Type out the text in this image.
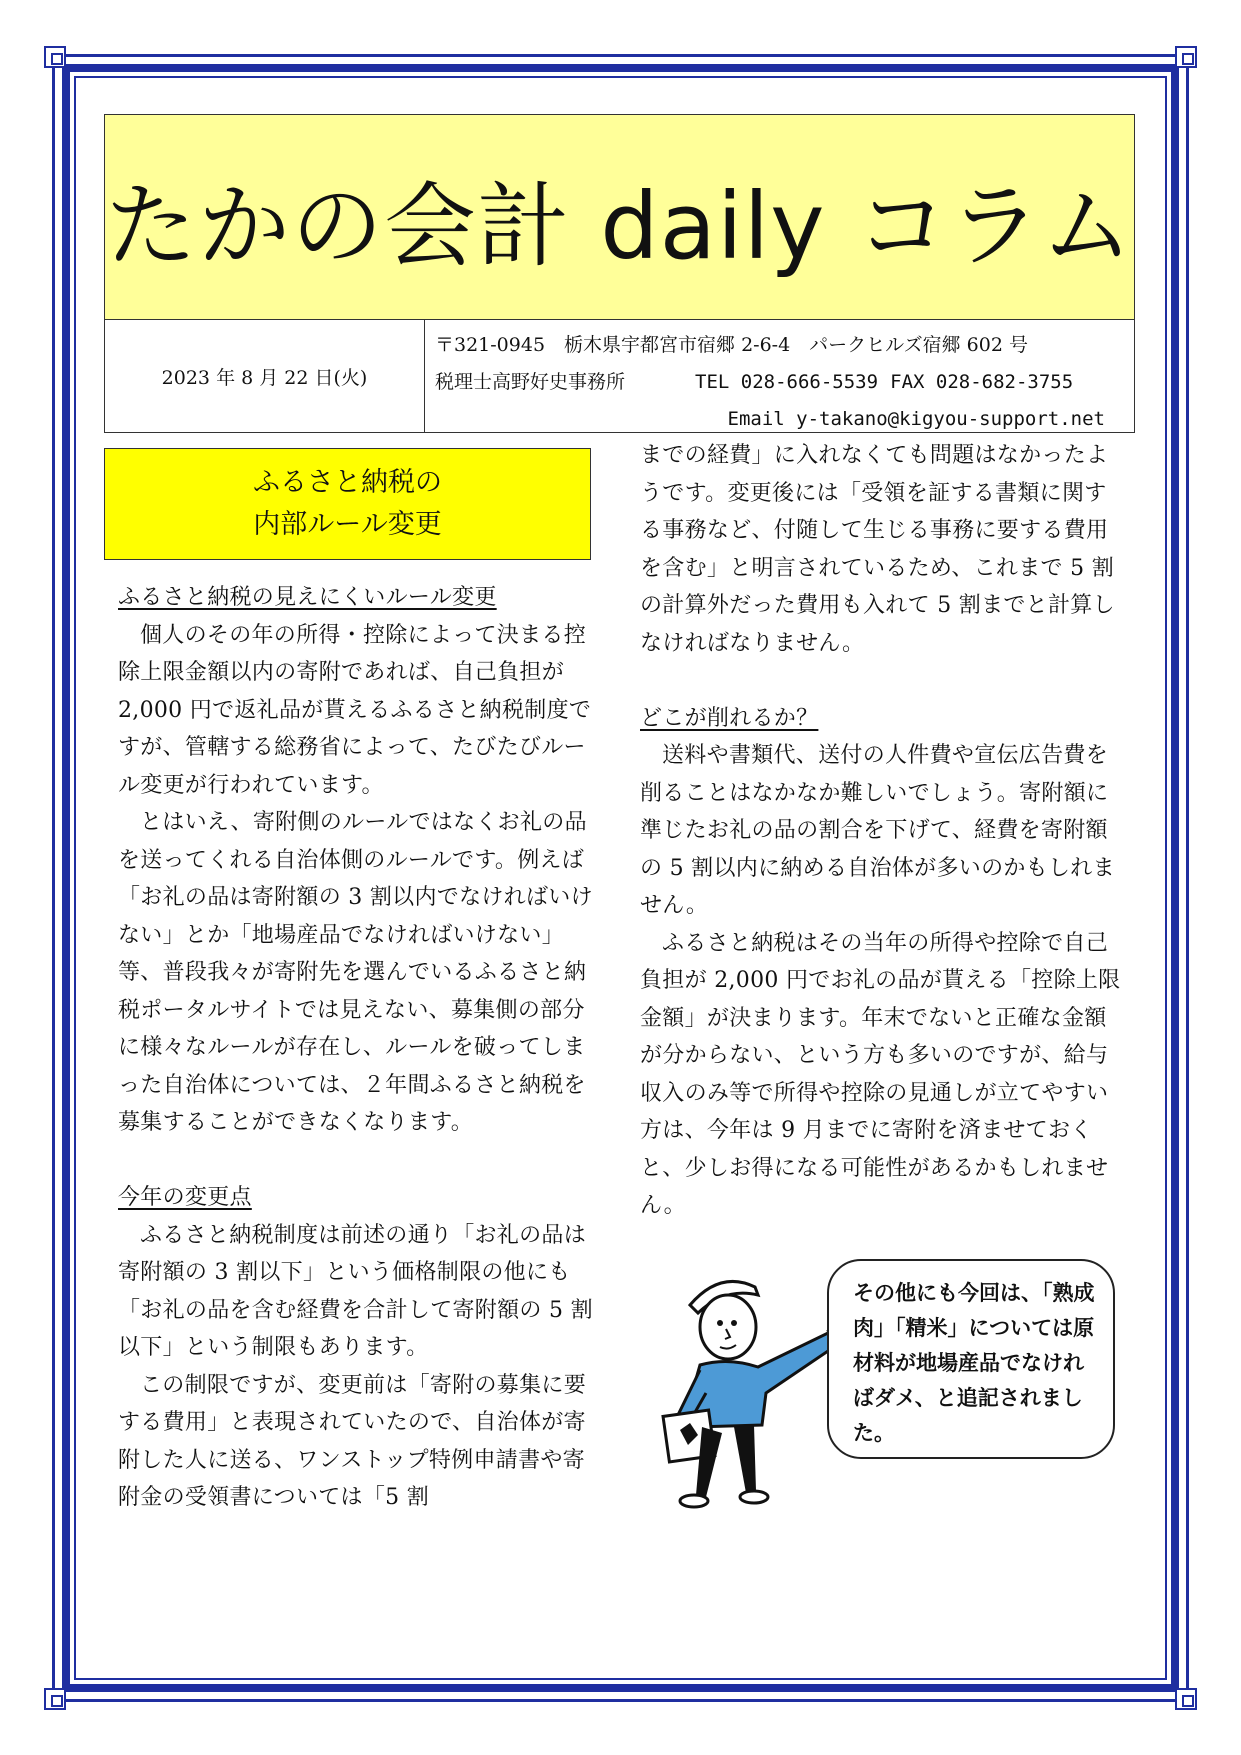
たかの会計 daily コラム
2023 年 8 月 22 日(火)
〒321-0945　栃木県宇都宮市宿郷 2-6-4　パークヒルズ宿郷 602 号
税理士高野好史事務所	TEL 028-666-5539 FAX 028-682-3755
Email y-takano@kigyou-support.net
ふるさと納税の
内部ルール変更
ふるさと納税の見えにくいルール変更

個人のその年の所得・控除によって決まる控除上限金額以内の寄附であれば、自己負担が 2,000 円で返礼品が貰えるふるさと納税制度ですが、管轄する総務省によって、たびたびルール変更が行われています。

とはいえ、寄附側のルールではなくお礼の品を送ってくれる自治体側のルールです。例えば「お礼の品は寄附額の 3 割以内でなければいけない」とか「地場産品でなければいけない」等、普段我々が寄附先を選んでいるふるさと納税ポータルサイトでは見えない、募集側の部分に様々なルールが存在し、ルールを破ってしまった自治体については、２年間ふるさと納税を募集することができなくなります。

今年の変更点

ふるさと納税制度は前述の通り「お礼の品は寄附額の 3 割以下」という価格制限の他にも「お礼の品を含む経費を合計して寄附額の 5 割以下」という制限もあります。

この制限ですが、変更前は「寄附の募集に要する費用」と表現されていたので、自治体が寄附した人に送る、ワンストップ特例申請書や寄附金の受領書については「5 割

までの経費」に入れなくても問題はなかったようです。変更後には「受領を証する書類に関する事務など、付随して生じる事務に要する費用を含む」と明言されているため、これまで 5 割の計算外だった費用も入れて 5 割までと計算しなければなりません。

どこが削れるか？

送料や書類代、送付の人件費や宣伝広告費を削ることはなかなか難しいでしょう。寄附額に準じたお礼の品の割合を下げて、経費を寄附額の 5 割以内に納める自治体が多いのかもしれません。

ふるさと納税はその当年の所得や控除で自己負担が 2,000 円でお礼の品が貰える「控除上限金額」が決まります。年末でないと正確な金額が分からない、という方も多いのですが、給与収入のみ等で所得や控除の見通しが立てやすい方は、今年は 9 月までに寄附を済ませておくと、少しお得になる可能性があるかもしれません。

その他にも今回は、「熟成肉」「精米」については原材料が地場産品でなければダメ、と追記されました。
